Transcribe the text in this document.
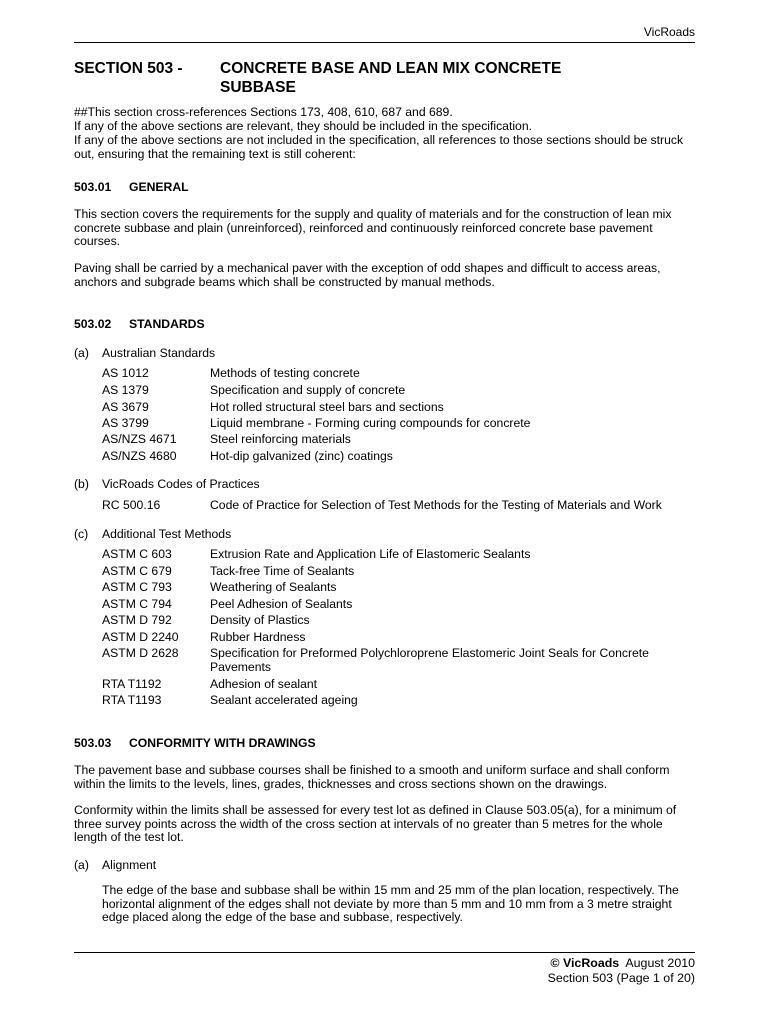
VicRoads
SECTION 503 - CONCRETE BASE AND LEAN MIX CONCRETE SUBBASE
##This section cross-references Sections 173, 408, 610, 687 and 689.
If any of the above sections are relevant, they should be included in the specification.
If any of the above sections are not included in the specification, all references to those sections should be struck out, ensuring that the remaining text is still coherent:
503.01 GENERAL
This section covers the requirements for the supply and quality of materials and for the construction of lean mix concrete subbase and plain (unreinforced), reinforced and continuously reinforced concrete base pavement courses.
Paving shall be carried by a mechanical paver with the exception of odd shapes and difficult to access areas, anchors and subgrade beams which shall be constructed by manual methods.
503.02 STANDARDS
(a)	Australian Standards
AS 1012	Methods of testing concrete
AS 1379	Specification and supply of concrete
AS 3679	Hot rolled structural steel bars and sections
AS 3799	Liquid membrane - Forming curing compounds for concrete
AS/NZS 4671	Steel reinforcing materials
AS/NZS 4680	Hot-dip galvanized (zinc) coatings
(b)	VicRoads Codes of Practices
RC 500.16	Code of Practice for Selection of Test Methods for the Testing of Materials and Work
(c)	Additional Test Methods
ASTM C 603	Extrusion Rate and Application Life of Elastomeric Sealants
ASTM C 679	Tack-free Time of Sealants
ASTM C 793	Weathering of Sealants
ASTM C 794	Peel Adhesion of Sealants
ASTM D 792	Density of Plastics
ASTM D 2240	Rubber Hardness
ASTM D 2628	Specification for Preformed Polychloroprene Elastomeric Joint Seals for Concrete Pavements
RTA T1192	Adhesion of sealant
RTA T1193	Sealant accelerated ageing
503.03 CONFORMITY WITH DRAWINGS
The pavement base and subbase courses shall be finished to a smooth and uniform surface and shall conform within the limits to the levels, lines, grades, thicknesses and cross sections shown on the drawings.
Conformity within the limits shall be assessed for every test lot as defined in Clause 503.05(a), for a minimum of three survey points across the width of the cross section at intervals of no greater than 5 metres for the whole length of the test lot.
(a)	Alignment
The edge of the base and subbase shall be within 15 mm and 25 mm of the plan location, respectively. The horizontal alignment of the edges shall not deviate by more than 5 mm and 10 mm from a 3 metre straight edge placed along the edge of the base and subbase, respectively.
© VicRoads August 2010
Section 503 (Page 1 of 20)
